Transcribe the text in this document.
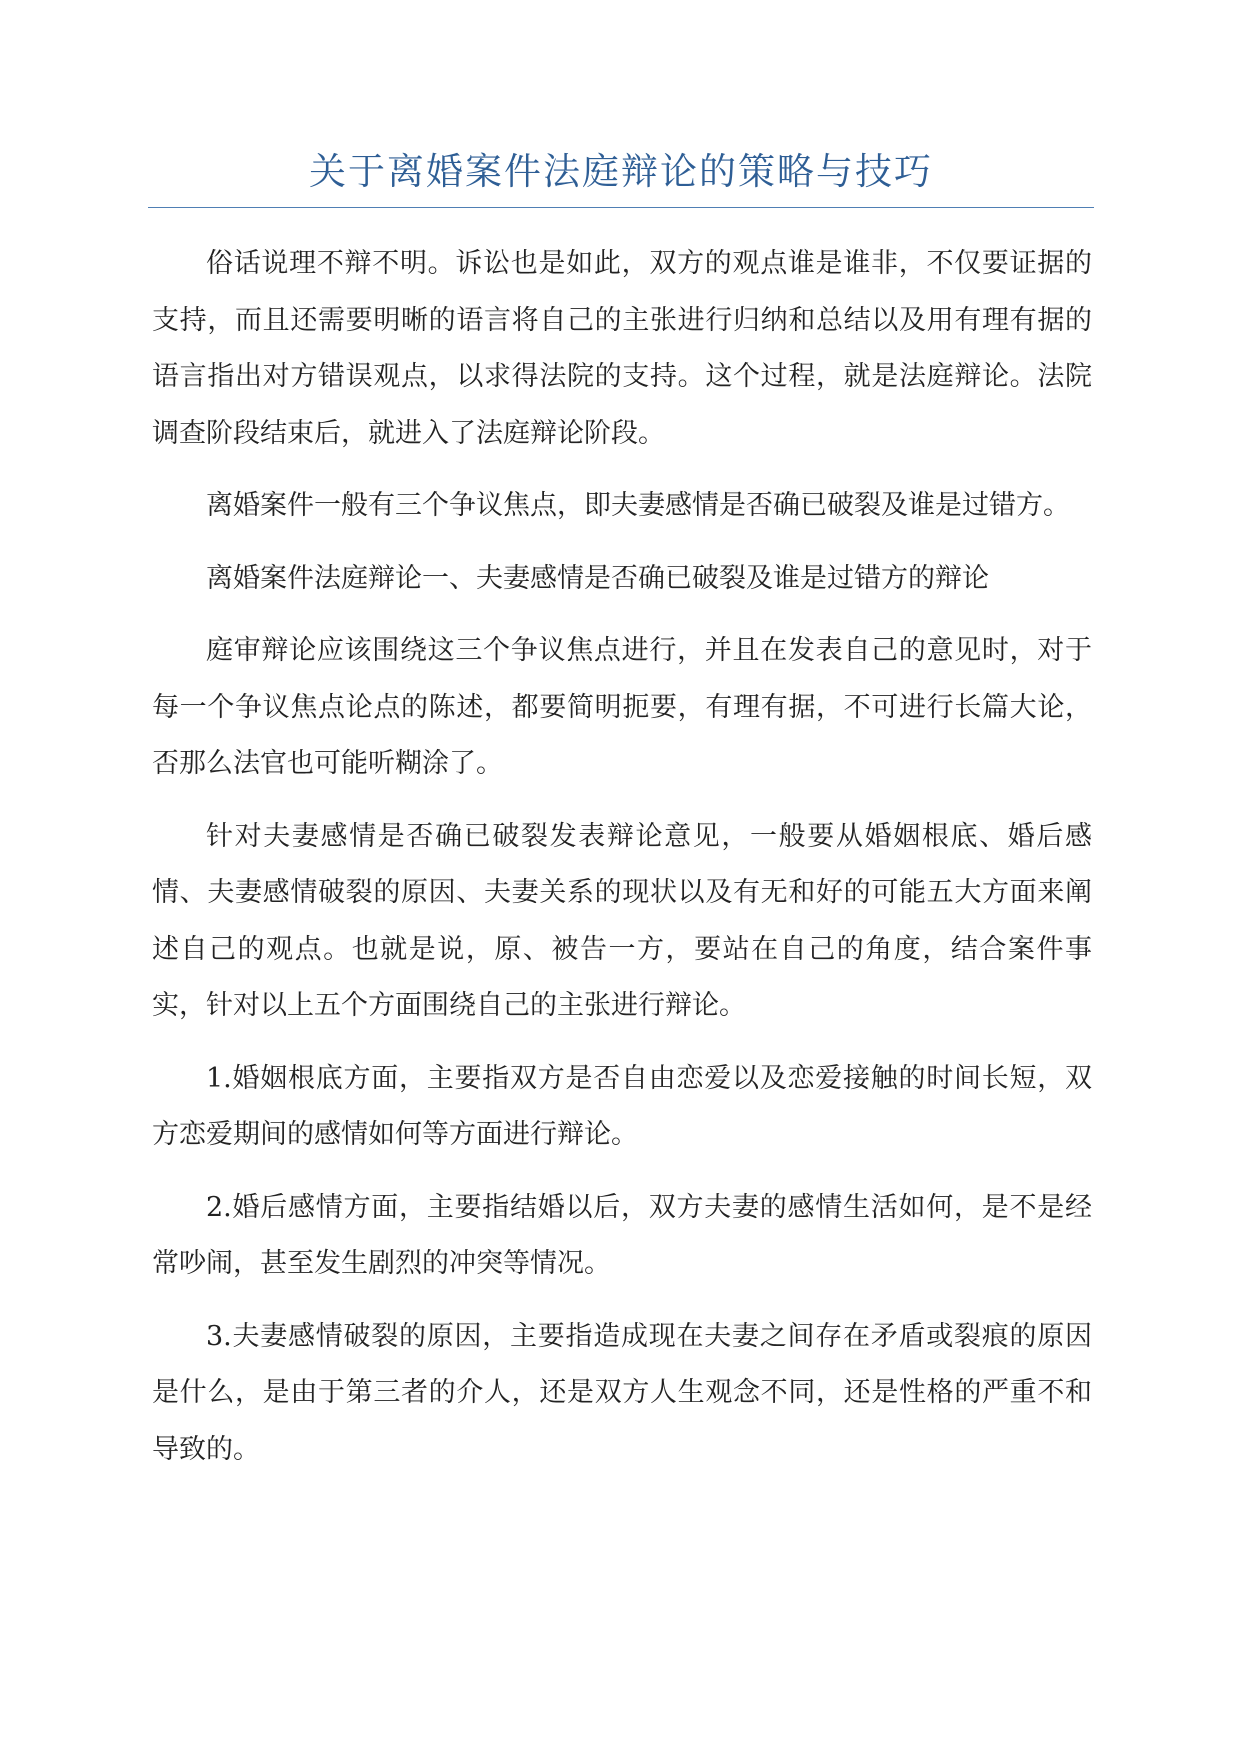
关于离婚案件法庭辩论的策略与技巧

俗话说理不辩不明。诉讼也是如此，双方的观点谁是谁非，不仅要证据的支持，而且还需要明晰的语言将自己的主张进行归纳和总结以及用有理有据的语言指出对方错误观点，以求得法院的支持。这个过程，就是法庭辩论。法院调查阶段结束后，就进入了法庭辩论阶段。

离婚案件一般有三个争议焦点，即夫妻感情是否确已破裂及谁是过错方。

离婚案件法庭辩论一、夫妻感情是否确已破裂及谁是过错方的辩论

庭审辩论应该围绕这三个争议焦点进行，并且在发表自己的意见时，对于每一个争议焦点论点的陈述，都要简明扼要，有理有据，不可进行长篇大论，否那么法官也可能听糊涂了。

针对夫妻感情是否确已破裂发表辩论意见，一般要从婚姻根底、婚后感情、夫妻感情破裂的原因、夫妻关系的现状以及有无和好的可能五大方面来阐述自己的观点。也就是说，原、被告一方，要站在自己的角度，结合案件事实，针对以上五个方面围绕自己的主张进行辩论。

1.婚姻根底方面，主要指双方是否自由恋爱以及恋爱接触的时间长短，双方恋爱期间的感情如何等方面进行辩论。

2.婚后感情方面，主要指结婚以后，双方夫妻的感情生活如何，是不是经常吵闹，甚至发生剧烈的冲突等情况。

3.夫妻感情破裂的原因，主要指造成现在夫妻之间存在矛盾或裂痕的原因是什么，是由于第三者的介人，还是双方人生观念不同，还是性格的严重不和导致的。
